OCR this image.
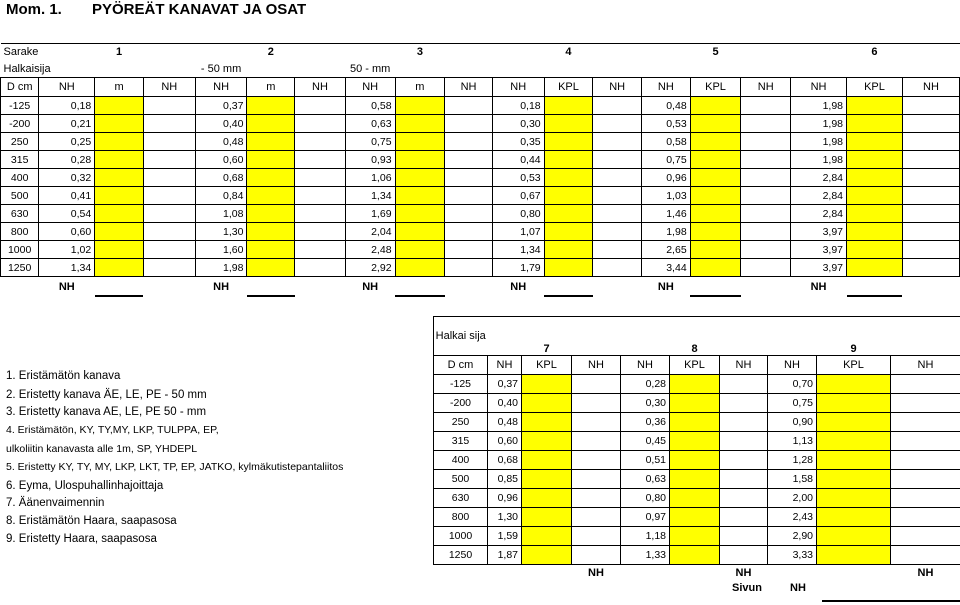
Mom. 1. PYÖREÄT KANAVAT JA OSAT
Sarake		1			2			3			4			5			6	
Halkaisija				- 50 mm			50 - mm											
D cm	NH	m	NH	NH	m	NH	NH	m	NH	NH	KPL	NH	NH	KPL	NH	NH	KPL	NH
-125	0,18			0,37			0,58			0,18			0,48			1,98		
-200	0,21			0,40			0,63			0,30			0,53			1,98		
250	0,25			0,48			0,75			0,35			0,58			1,98		
315	0,28			0,60			0,93			0,44			0,75			1,98		
400	0,32			0,68			1,06			0,53			0,96			2,84		
500	0,41			0,84			1,34			0,67			1,03			2,84		
630	0,54			1,08			1,69			0,80			1,46			2,84		
800	0,60			1,30			2,04			1,07			1,98			3,97		
1000	1,02			1,60			2,48			1,34			2,65			3,97		
1250	1,34			1,98			2,92			1,79			3,44			3,97		
	NH			NH			NH			NH			NH			NH		
Halkai sija		7			8			9	
D cm	NH	KPL	NH	NH	KPL	NH	NH	KPL	NH
-125	0,37			0,28			0,70		
-200	0,40			0,30			0,75		
250	0,48			0,36			0,90		
315	0,60			0,45			1,13		
400	0,68			0,51			1,28		
500	0,85			0,63			1,58		
630	0,96			0,80			2,00		
800	1,30			0,97			2,43		
1000	1,59			1,18			2,90		
1250	1,87			1,33			3,33		
			NH			NH			NH
1. Eristämätön kanava
2. Eristetty kanava ÄE, LE, PE - 50 mm
3. Eristetty kanava AE, LE, PE 50 - mm
4. Eristämätön, KY, TY,MY, LKP, TULPPA, EP,
ulkoliitin kanavasta alle 1m, SP, YHDEPL
5. Eristetty KY, TY, MY, LKP, LKT, TP, EP, JATKO, kylmäkutistepantaliitos
6. Eyma, Ulospuhallinhajoittaja
7. Äänenvaimennin
8. Eristämätön Haara, saapasosa
9. Eristetty Haara, saapasosa
Sivun	NH
